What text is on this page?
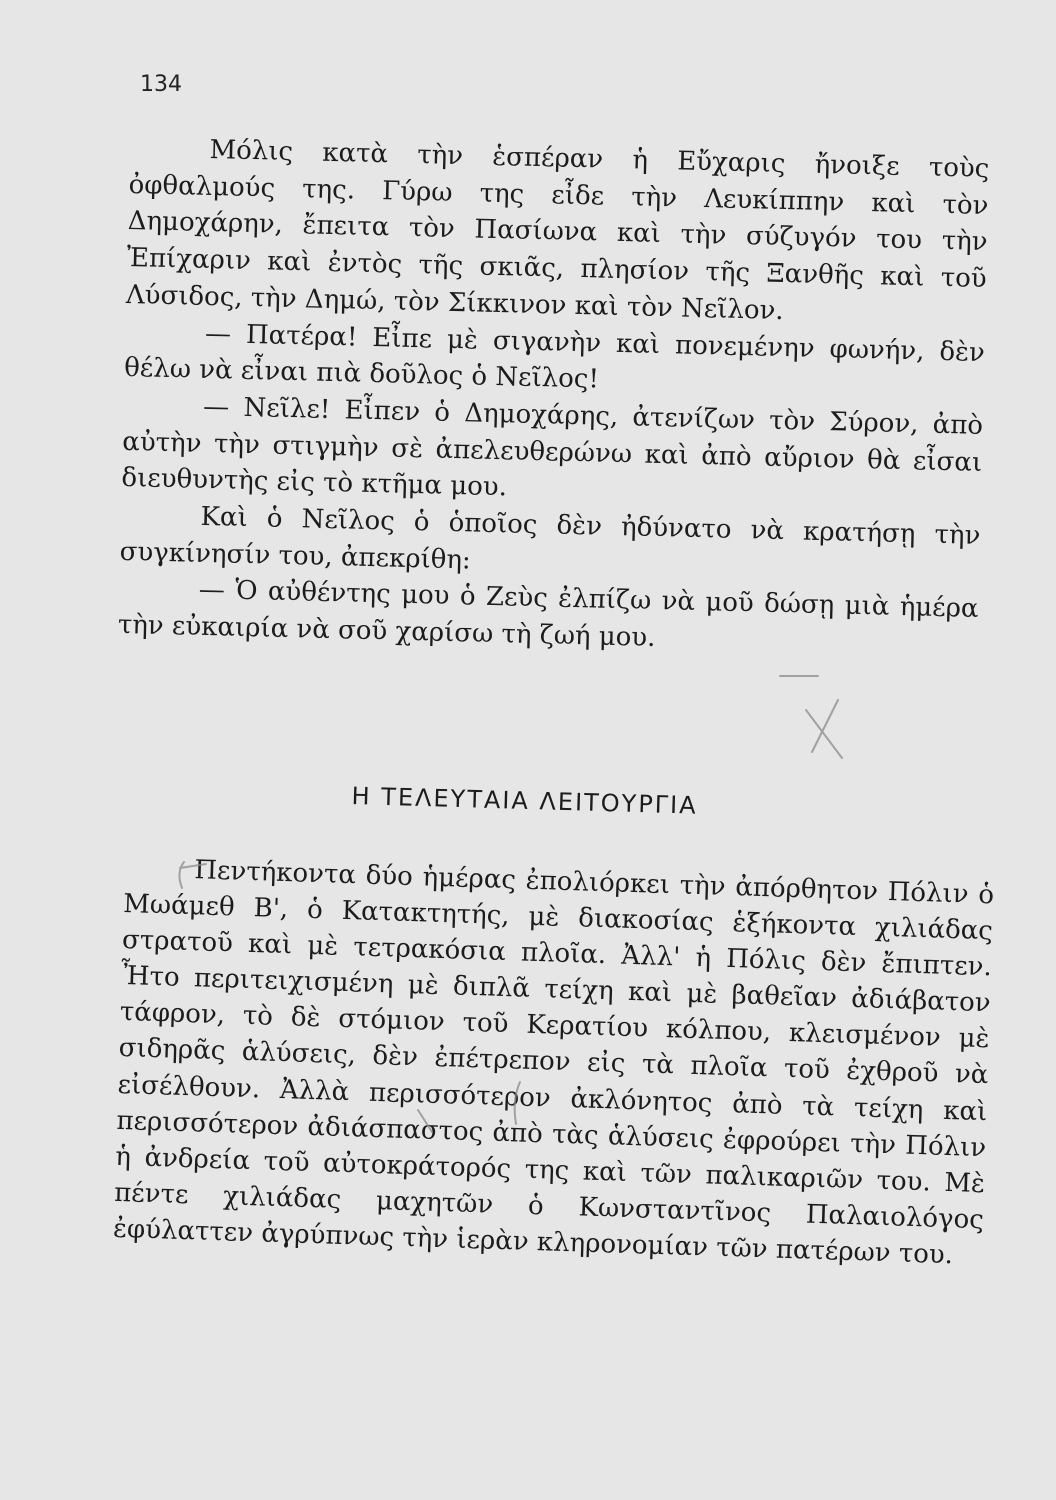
134

Μόλις κατὰ τὴν ἑσπέραν ἡ Εὔχαρις ἤνοιξε τοὺς ὀφθαλμούς της. Γύρω της εἶδε τὴν Λευκίππην καὶ τὸν Δημοχάρην, ἔπειτα τὸν Πασίωνα καὶ τὴν σύζυγόν του τὴν Ἐπίχαριν καὶ ἐντὸς τῆς σκιᾶς, πλησίον τῆς Ξανθῆς καὶ τοῦ Λύσιδος, τὴν Δημώ, τὸν Σίκκινον καὶ τὸν Νεῖλον.

— Πατέρα! Εἶπε μὲ σιγανὴν καὶ πονεμένην φωνήν, δὲν θέλω νὰ εἶναι πιὰ δοῦλος ὁ Νεῖλος!

— Νεῖλε! Εἶπεν ὁ Δημοχάρης, ἀτενίζων τὸν Σύρον, ἀπὸ αὐτὴν τὴν στιγμὴν σὲ ἀπελευθερώνω καὶ ἀπὸ αὔριον θὰ εἶσαι διευθυντὴς εἰς τὸ κτῆμα μου.

Καὶ ὁ Νεῖλος ὁ ὁποῖος δὲν ἠδύνατο νὰ κρατήσῃ τὴν συγκίνησίν του, ἀπεκρίθη:

— Ὁ αὐθέντης μου ὁ Ζεὺς ἐλπίζω νὰ μοῦ δώσῃ μιὰ ἡμέρα τὴν εὐκαιρία νὰ σοῦ χαρίσω τὴ ζωή μου.

Η ΤΕΛΕΥΤΑΙΑ ΛΕΙΤΟΥΡΓΙΑ

Πεντήκοντα δύο ἡμέρας ἐπολιόρκει τὴν ἀπόρθητον Πόλιν ὁ Μωάμεθ Β', ὁ Κατακτητής, μὲ διακοσίας ἑξήκοντα χιλιάδας στρατοῦ καὶ μὲ τετρακόσια πλοῖα. Ἀλλ' ἡ Πόλις δὲν ἔπιπτεν. Ἦτο περιτειχισμένη μὲ διπλᾶ τείχη καὶ μὲ βαθεῖαν ἀδιάβατον τάφρον, τὸ δὲ στόμιον τοῦ Κερατίου κόλπου, κλεισμένον μὲ σιδηρᾶς ἁλύσεις, δὲν ἐπέτρεπον εἰς τὰ πλοῖα τοῦ ἐχθροῦ νὰ εἰσέλθουν. Ἀλλὰ περισσότερον ἀκλόνητος ἀπὸ τὰ τείχη καὶ περισσότερον ἀδιάσπαστος ἀπὸ τὰς ἁλύσεις ἐφρούρει τὴν Πόλιν ἡ ἀνδρεία τοῦ αὐτοκράτορός της καὶ τῶν παλικαριῶν του. Μὲ πέντε χιλιάδας μαχητῶν ὁ Κωνσταντῖνος Παλαιολόγος ἐφύλαττεν ἀγρύπνως τὴν ἱερὰν κληρονομίαν τῶν πατέρων του.
